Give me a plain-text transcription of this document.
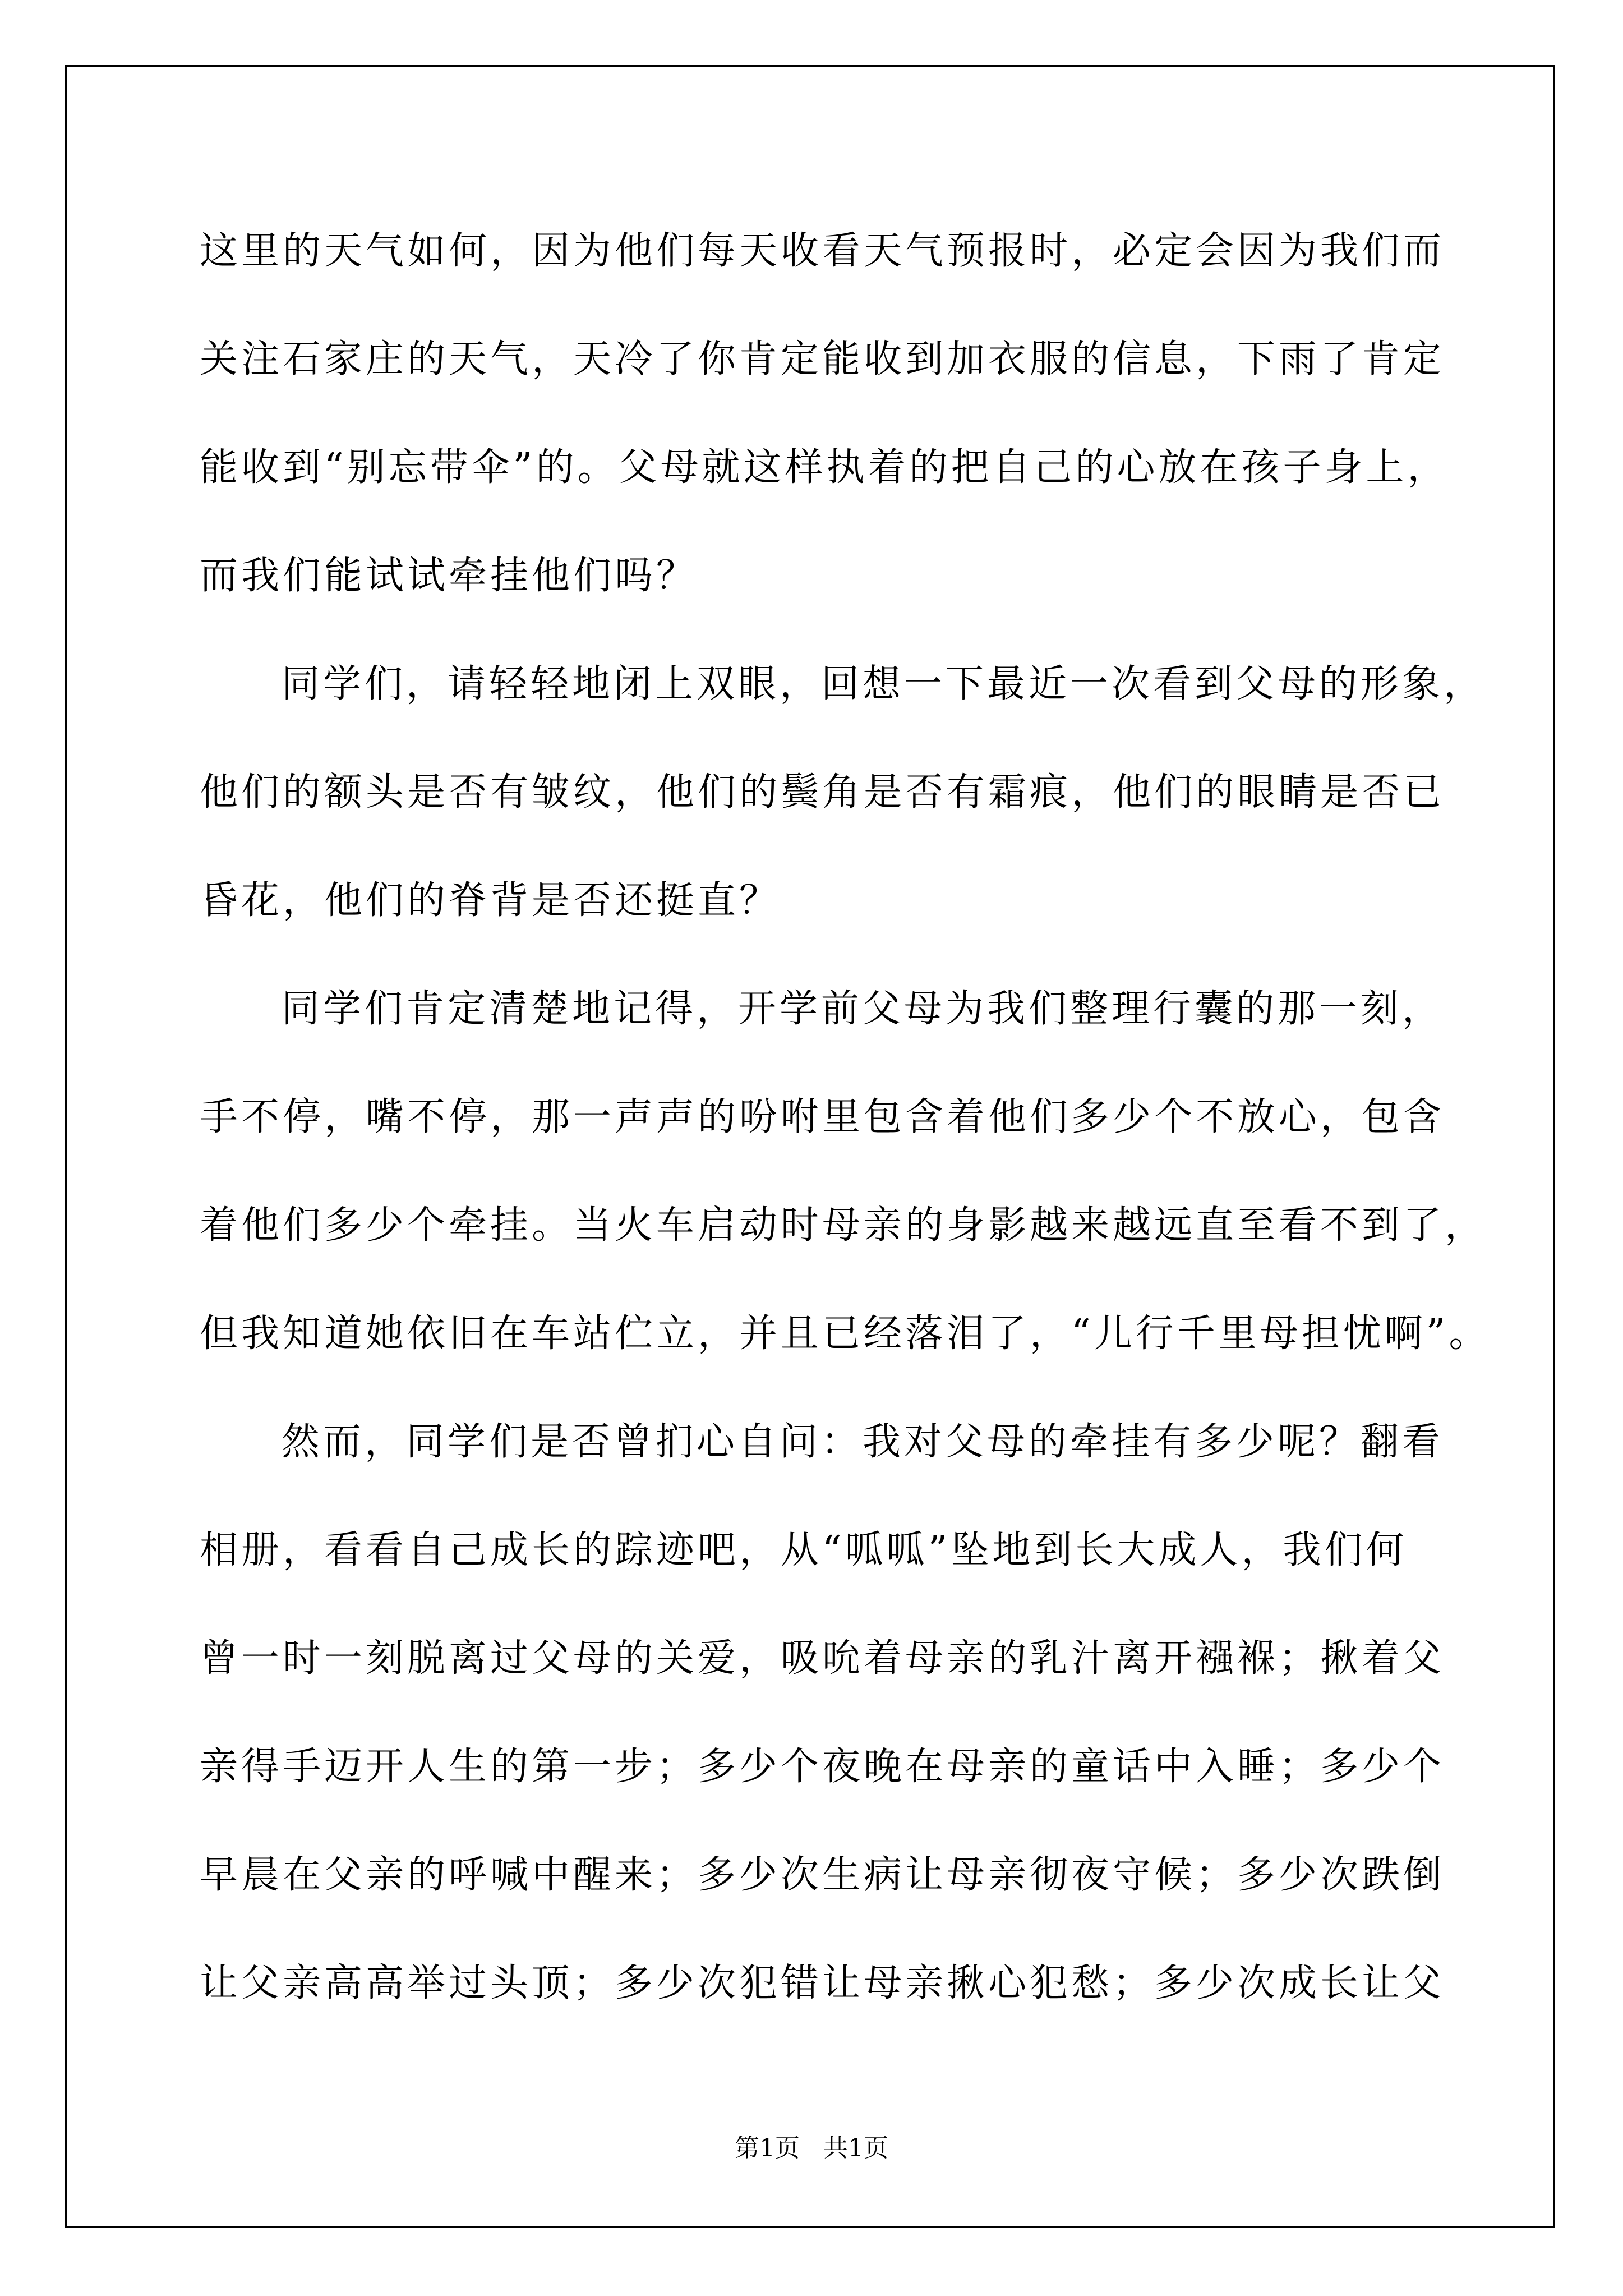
这里的天气如何，因为他们每天收看天气预报时，必定会因为我们而
关注石家庄的天气，天冷了你肯定能收到加衣服的信息，下雨了肯定
能收到“别忘带伞”的。父母就这样执着的把自己的心放在孩子身上，
而我们能试试牵挂他们吗？
同学们，请轻轻地闭上双眼，回想一下最近一次看到父母的形象，
他们的额头是否有皱纹，他们的鬓角是否有霜痕，他们的眼睛是否已
昏花，他们的脊背是否还挺直？
同学们肯定清楚地记得，开学前父母为我们整理行囊的那一刻，
手不停，嘴不停，那一声声的吩咐里包含着他们多少个不放心，包含
着他们多少个牵挂。当火车启动时母亲的身影越来越远直至看不到了，
但我知道她依旧在车站伫立，并且已经落泪了，“儿行千里母担忧啊”。
然而，同学们是否曾扪心自问：我对父母的牵挂有多少呢？翻看
相册，看看自己成长的踪迹吧，从“呱呱”坠地到长大成人，我们何
曾一时一刻脱离过父母的关爱，吸吮着母亲的乳汁离开襁褓；揪着父
亲得手迈开人生的第一步；多少个夜晚在母亲的童话中入睡；多少个
早晨在父亲的呼喊中醒来；多少次生病让母亲彻夜守候；多少次跌倒
让父亲高高举过头顶；多少次犯错让母亲揪心犯愁；多少次成长让父
第1页   共1页
